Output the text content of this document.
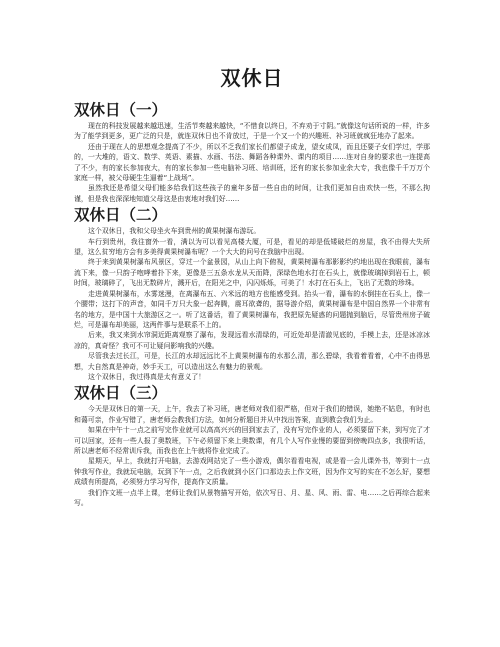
双休日
双休日（一）

现在的科技发展越来越迅速，生活节奏越来越快，“不惜食以终日，不弃劝于寸阴。”就像这句话所说的一样，许多为了能学到更多，更广泛的只是，就连双休日也不肯放过，于是一个又一个的兴趣班、补习班就疯狂地办了起来。

还由于现在人的思想观念提高了不少，所以不乏我们家长们都望子成龙，望女成凤，而且还要子女们学过，学那的，一大堆的，语文、数学、英语、素描、水画、书法、舞蹈各种课外、课内的项目……连对自身的要求也一连提高了不少，有的家长参加夜大，有的家长参加一些电脑补习班、培训班，还有的家长参加业余大专，我也像千千万万个家庭一样，被父母硬生生逼着“上战场”。

虽然我还是希望父母们能多给我们这些孩子的童年多留一些自由的时间，让我们更加自由欢快一些，不那么拘谨，但是我也深深地知道父母这是由衷地对我们好……

双休日（二）

这个双休日，我和父母坐火车到贵州的黄果树瀑布游玩。

车行到贵州，我往窗外一看，满以为可以看见高楼大厦，可是，看见的却是低矮破烂的房屋，我不由得大失所望，这么贫穷地方会有多美得黄果树瀑布呢？一个大大的问号在我脑中出现。

终于来到黄果树瀑布风景区，穿过一个盆景园，从山上向下俯视，黄果树瀑布那影影约约地出现在我眼前，瀑布流下来，像一只韵子咆哮着扑下来，更像是三五条水龙从天而降，深绿色地水打在石头上，就像玻璃掉到岩石上，顿时间，玻璃碎了，飞出无数碎片，溅开后，在阳光之中，闪闪烁烁，可美了！水打在石头上，飞出了无数的珍珠。

走进黄果树瀑布，水雾迷漫，在离瀑布五、六米远的地方也能感受到。抬头一看，瀑布的水倒挂在石头上，像一个腰带；这打下的声音，如同千万只大象一起奔腾，震耳欲聋的，据导游介绍，黄果树瀑布是中国自然界一个非常有名的地方，是中国十大旅游区之一。听了这番话，看了黄果树瀑布，我把原先疑惑的问题抛到脑后，尽管贵州房子破烂，可是瀑布却美丽，这两件事与是联系不上的。

后来，我又来到水帘洞近距离观察了瀑布，发现远看水清绿的，可近处却是清澈见底的，手模上去，还是冰凉冰凉的，真奇怪？我可不可让疑问影响我的兴趣。

尽管我去过长江，可是，长江的水却远远比不上黄果树瀑布的水那么清，那么碧绿，我看着看着，心中不由得思想，大自然真是神奇，妙手天工，可以造出这么有魅力的景观。

这个双休日，我过得真是太有意义了！

双休日（三）

今天是双休日的第一天，上午，我去了补习班，唐老师对我们很严格，但对于我们的错误，她绝不姑息，有时也和蔼可亲，作业写错了，唐老师会教我们方法，如何分析题目并从中找出答案，直到教会我们为止。

如果在中午十一点之前写完作业就可以高高兴兴的回到家去了，没有写完作业的人，必须要留下来，到写完了才可以回家，还有一些人报了奥数班，下午必须留下来上奥数课，有几个人写作业慢的要留到傍晚四点多，我很听话，所以唐老师不经常训斥我，而我也在上午就将作业完成了。

星期天，早上，我就打开电脑，去游戏网站完了一些小游戏，偶尔看看电视，或是看一会儿课外书，等到十一点钟我写作业，我就玩电脑，玩到下午一点，之后我就到小区门口那边去上作文班，因为作文写的实在不怎么好，要想成绩有所提高，必须努力学习写作，提高作文质量。

我们作文班一点半上课，老师让我们从景物描写开始，依次写日、月、星、风、雨、雷、电……之后再综合起来写。
